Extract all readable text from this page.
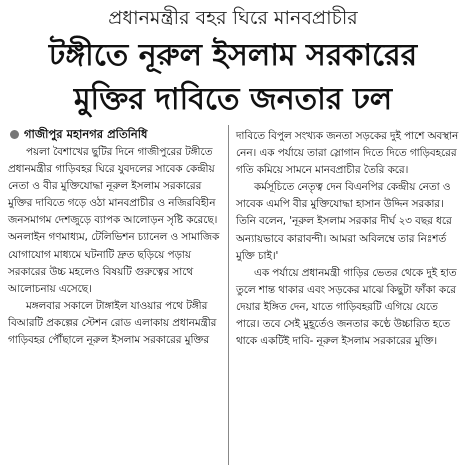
প্রধানমন্ত্রীর বহর ঘিরে মানবপ্রাচীর
টঙ্গীতে নূরুল ইসলাম সরকারের
মুক্তির দাবিতে জনতার ঢল
গাজীপুর মহানগর প্রতিনিধি

পয়লা বৈশাখের ছুটির দিনে গাজীপুরের টঙ্গীতে প্রধানমন্ত্রীর গাড়িবহর ঘিরে যুবদলের সাবেক কেন্দ্রীয় নেতা ও বীর মুক্তিযোদ্ধা নূরুল ইসলাম সরকারের মুক্তির দাবিতে গড়ে ওঠা মানবপ্রাচীর ও নজিরবিহীন জনসমাগম দেশজুড়ে ব্যাপক আলোড়ন সৃষ্টি করেছে। অনলাইন গণমাধ্যম, টেলিভিশন চ্যানেল ও সামাজিক যোগাযোগ মাধ্যমে ঘটনাটি দ্রুত ছড়িয়ে পড়ায় সরকারের উচ্চ মহলেও বিষয়টি গুরুত্বের সাথে আলোচনায় এসেছে।

মঙ্গলবার সকালে টাঙ্গাইল যাওয়ার পথে টঙ্গীর বিআরটি প্রকল্পের স্টেশন রোড এলাকায় প্রধানমন্ত্রীর গাড়িবহর পৌঁছালে নূরুল ইসলাম সরকারের মুক্তির

দাবিতে বিপুল সংখ্যক জনতা সড়কের দুই পাশে অবস্থান নেন। এক পর্যায়ে তারা স্লোগান দিতে দিতে গাড়িবহরের গতি কমিয়ে সামনে মানবপ্রাচীর তৈরি করে।

কর্মসূচিতে নেতৃত্ব দেন বিএনপির কেন্দ্রীয় নেতা ও সাবেক এমপি বীর মুক্তিযোদ্ধা হাসান উদ্দিন সরকার। তিনি বলেন, 'নূরুল ইসলাম সরকার দীর্ঘ ২৩ বছর ধরে অন্যায়ভাবে কারাবন্দী। আমরা অবিলম্বে তার নিঃশর্ত মুক্তি চাই।'

এক পর্যায়ে প্রধানমন্ত্রী গাড়ির ভেতর থেকে দুই হাত তুলে শান্ত থাকার এবং সড়কের মাঝে কিছুটা ফাঁকা করে দেয়ার ইঙ্গিত দেন, যাতে গাড়িবহরটি এগিয়ে যেতে পারে। তবে সেই মুহূর্তেও জনতার কণ্ঠে উচ্চারিত হতে থাকে একটিই দাবি- নূরুল ইসলাম সরকারের মুক্তি।
